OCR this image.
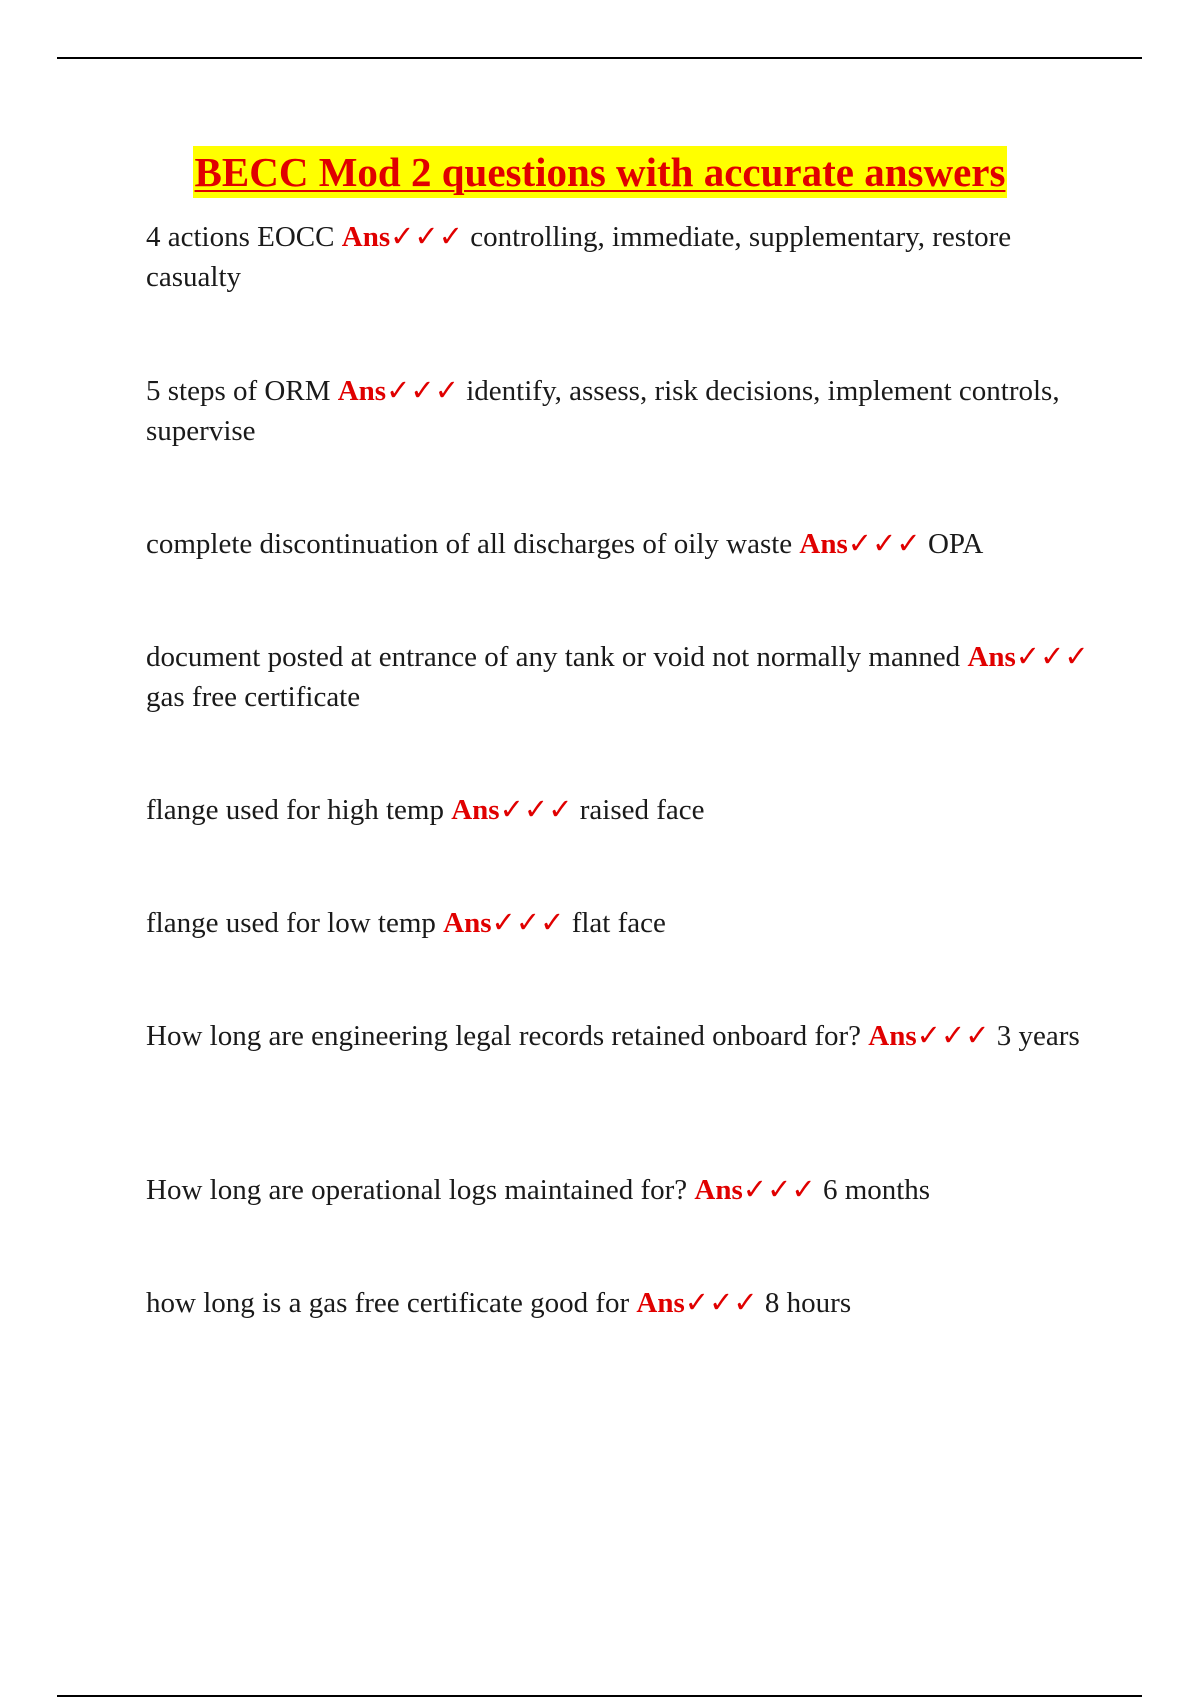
BECC Mod 2 questions with accurate answers
4 actions EOCC Ans✓✓✓ controlling, immediate, supplementary, restore casualty
5 steps of ORM Ans✓✓✓ identify, assess, risk decisions, implement controls, supervise
complete discontinuation of all discharges of oily waste Ans✓✓✓ OPA
document posted at entrance of any tank or void not normally manned Ans✓✓✓ gas free certificate
flange used for high temp Ans✓✓✓ raised face
flange used for low temp Ans✓✓✓ flat face
How long are engineering legal records retained onboard for? Ans✓✓✓ 3 years
How long are operational logs maintained for? Ans✓✓✓ 6 months
how long is a gas free certificate good for Ans✓✓✓ 8 hours
